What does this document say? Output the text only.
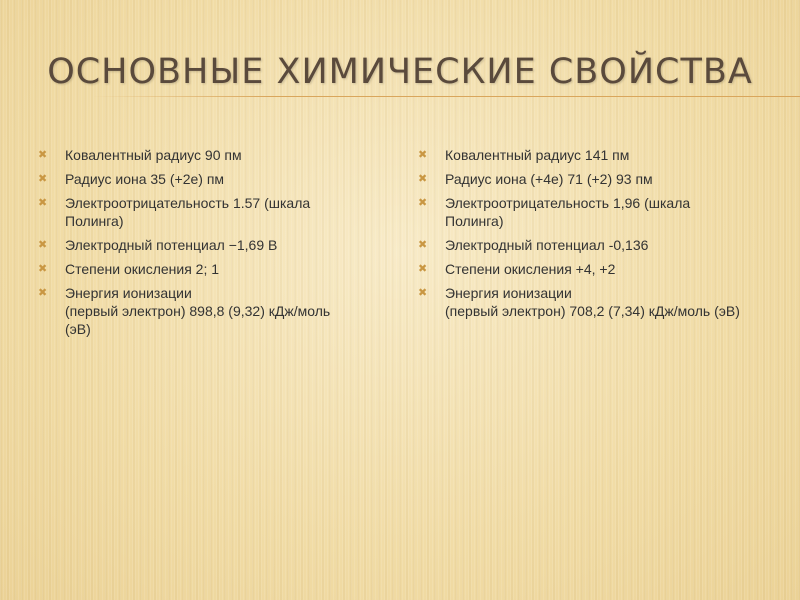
ОСНОВНЫЕ ХИМИЧЕСКИЕ СВОЙСТВА
✖ Ковалентный радиус 90 пм
✖ Радиус иона 35 (+2e) пм
✖ Электроотрицательность 1.57 (шкала
Полинга)
✖ Электродный потенциал −1,69 В
✖ Степени окисления 2; 1
✖ Энергия ионизации
(первый электрон) 898,8 (9,32) кДж/моль
(эВ)
✖ Ковалентный радиус 141 пм
✖ Радиус иона (+4e) 71 (+2) 93 пм
✖ Электроотрицательность 1,96 (шкала
Полинга)
✖ Электродный потенциал -0,136
✖ Степени окисления +4, +2
✖ Энергия ионизации
(первый электрон) 708,2 (7,34) кДж/моль (эВ)
